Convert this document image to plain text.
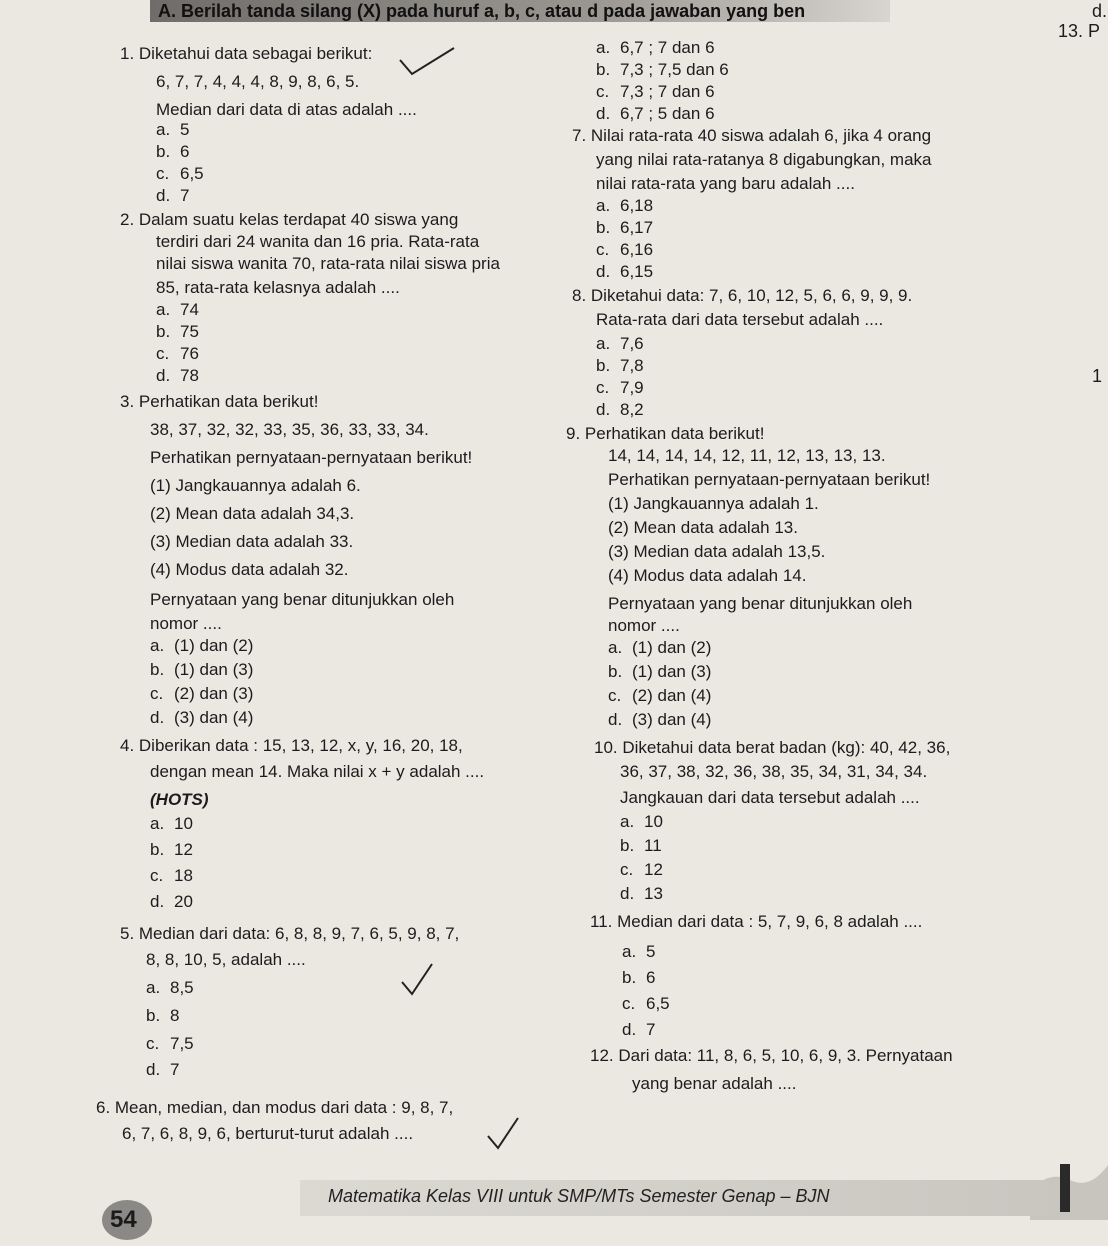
A. Berilah tanda silang (X) pada huruf a, b, c, atau d pada jawaban yang ben	d.
13. P
1
1. Diketahui data sebagai berikut:
6, 7, 7, 4, 4, 4, 8, 9, 8, 6, 5.
Median dari data di atas adalah ....
a. 5
b. 6
c. 6,5
d. 7
2. Dalam suatu kelas terdapat 40 siswa yang
terdiri dari 24 wanita dan 16 pria. Rata-rata
nilai siswa wanita 70, rata-rata nilai siswa pria
85, rata-rata kelasnya adalah ....
a. 74
b. 75
c. 76
d. 78
3. Perhatikan data berikut!
38, 37, 32, 32, 33, 35, 36, 33, 33, 34.
Perhatikan pernyataan-pernyataan berikut!
(1) Jangkauannya adalah 6.
(2) Mean data adalah 34,3.
(3) Median data adalah 33.
(4) Modus data adalah 32.
Pernyataan yang benar ditunjukkan oleh
nomor ....
a. (1) dan (2)
b. (1) dan (3)
c. (2) dan (3)
d. (3) dan (4)
4. Diberikan data : 15, 13, 12, x, y, 16, 20, 18,
dengan mean 14. Maka nilai x + y adalah ....
(HOTS)
a. 10
b. 12
c. 18
d. 20
5. Median dari data: 6, 8, 8, 9, 7, 6, 5, 9, 8, 7,
8, 8, 10, 5, adalah ....
a. 8,5
b. 8
c. 7,5
d. 7
6. Mean, median, dan modus dari data : 9, 8, 7,
6, 7, 6, 8, 9, 6, berturut-turut adalah ....
a. 6,7 ; 7 dan 6
b. 7,3 ; 7,5 dan 6
c. 7,3 ; 7 dan 6
d. 6,7 ; 5 dan 6
7. Nilai rata-rata 40 siswa adalah 6, jika 4 orang
yang nilai rata-ratanya 8 digabungkan, maka
nilai rata-rata yang baru adalah ....
a. 6,18
b. 6,17
c. 6,16
d. 6,15
8. Diketahui data: 7, 6, 10, 12, 5, 6, 6, 9, 9, 9.
Rata-rata dari data tersebut adalah ....
a. 7,6
b. 7,8
c. 7,9
d. 8,2
9. Perhatikan data berikut!
14, 14, 14, 14, 12, 11, 12, 13, 13, 13.
Perhatikan pernyataan-pernyataan berikut!
(1) Jangkauannya adalah 1.
(2) Mean data adalah 13.
(3) Median data adalah 13,5.
(4) Modus data adalah 14.
Pernyataan yang benar ditunjukkan oleh
nomor ....
a. (1) dan (2)
b. (1) dan (3)
c. (2) dan (4)
d. (3) dan (4)
10. Diketahui data berat badan (kg): 40, 42, 36,
36, 37, 38, 32, 36, 38, 35, 34, 31, 34, 34.
Jangkauan dari data tersebut adalah ....
a. 10
b. 11
c. 12
d. 13
11. Median dari data : 5, 7, 9, 6, 8 adalah ....
a. 5
b. 6
c. 6,5
d. 7
12. Dari data: 11, 8, 6, 5, 10, 6, 9, 3. Pernyataan
yang benar adalah ....
Matematika Kelas VIII untuk SMP/MTs Semester Genap – BJN
54
